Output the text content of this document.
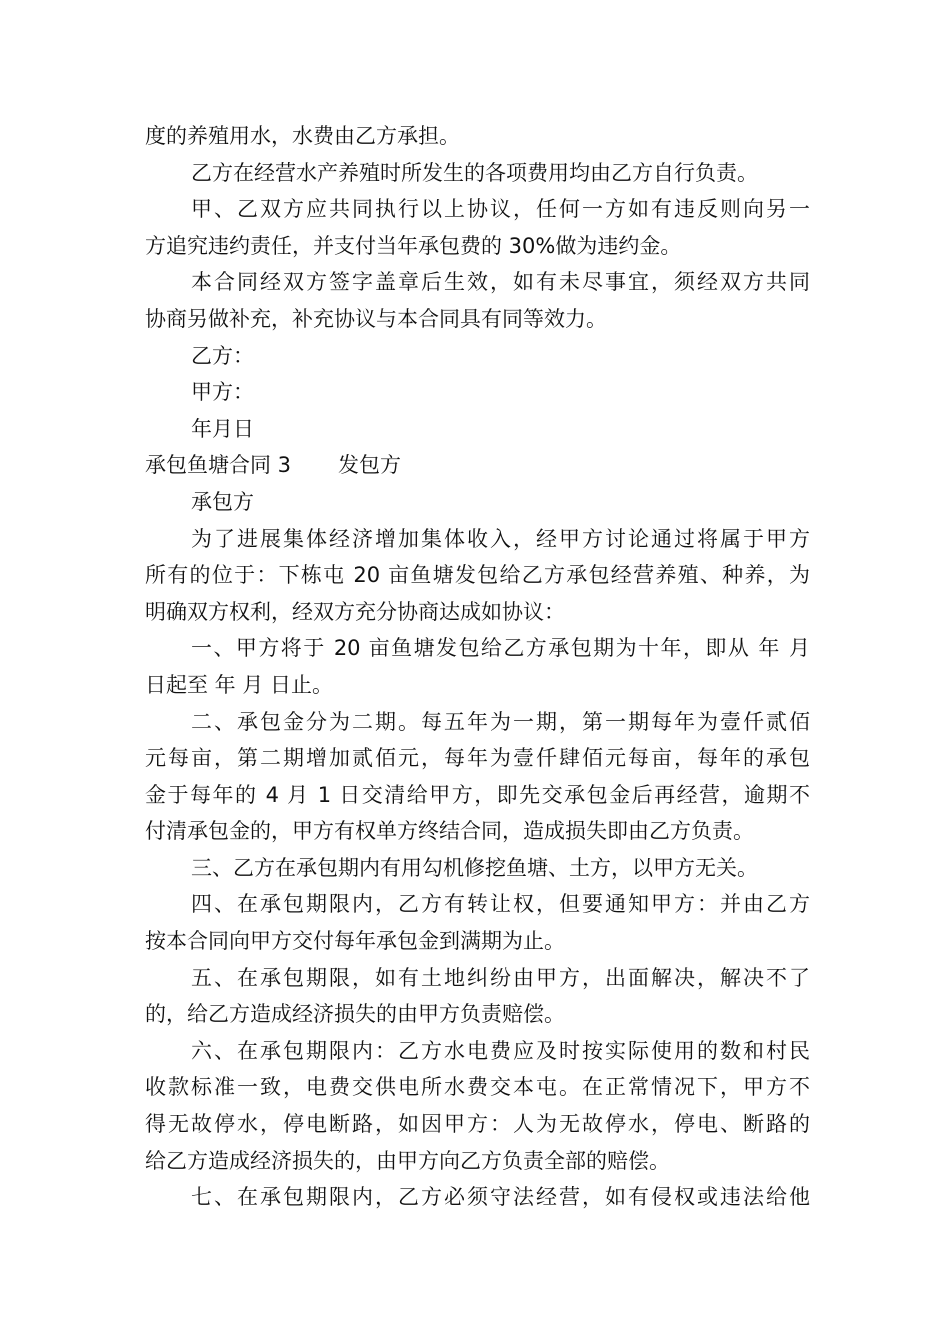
度的养殖用水，水费由乙方承担。
乙方在经营水产养殖时所发生的各项费用均由乙方自行负责。
甲、乙双方应共同执行以上协议，任何一方如有违反则向另一
方追究违约责任，并支付当年承包费的 30%做为违约金。
本合同经双方签字盖章后生效，如有未尽事宜，须经双方共同
协商另做补充，补充协议与本合同具有同等效力。
乙方：
甲方：
年月日
承包鱼塘合同 3	发包方
承包方
为了进展集体经济增加集体收入，经甲方讨论通过将属于甲方
所有的位于：下栋屯 20 亩鱼塘发包给乙方承包经营养殖、种养，为
明确双方权利，经双方充分协商达成如协议：
一、甲方将于 20 亩鱼塘发包给乙方承包期为十年，即从 年 月
日起至 年 月 日止。
二、承包金分为二期。每五年为一期，第一期每年为壹仟贰佰
元每亩，第二期增加贰佰元，每年为壹仟肆佰元每亩，每年的承包
金于每年的 4 月 1 日交清给甲方，即先交承包金后再经营，逾期不
付清承包金的，甲方有权单方终结合同，造成损失即由乙方负责。
三、乙方在承包期内有用勾机修挖鱼塘、土方，以甲方无关。
四、在承包期限内，乙方有转让权，但要通知甲方：并由乙方
按本合同向甲方交付每年承包金到满期为止。
五、在承包期限，如有土地纠纷由甲方，出面解决，解决不了
的，给乙方造成经济损失的由甲方负责赔偿。
六、在承包期限内：乙方水电费应及时按实际使用的数和村民
收款标准一致，电费交供电所水费交本屯。在正常情况下，甲方不
得无故停水，停电断路，如因甲方：人为无故停水，停电、断路的
给乙方造成经济损失的，由甲方向乙方负责全部的赔偿。
七、在承包期限内，乙方必须守法经营，如有侵权或违法给他
